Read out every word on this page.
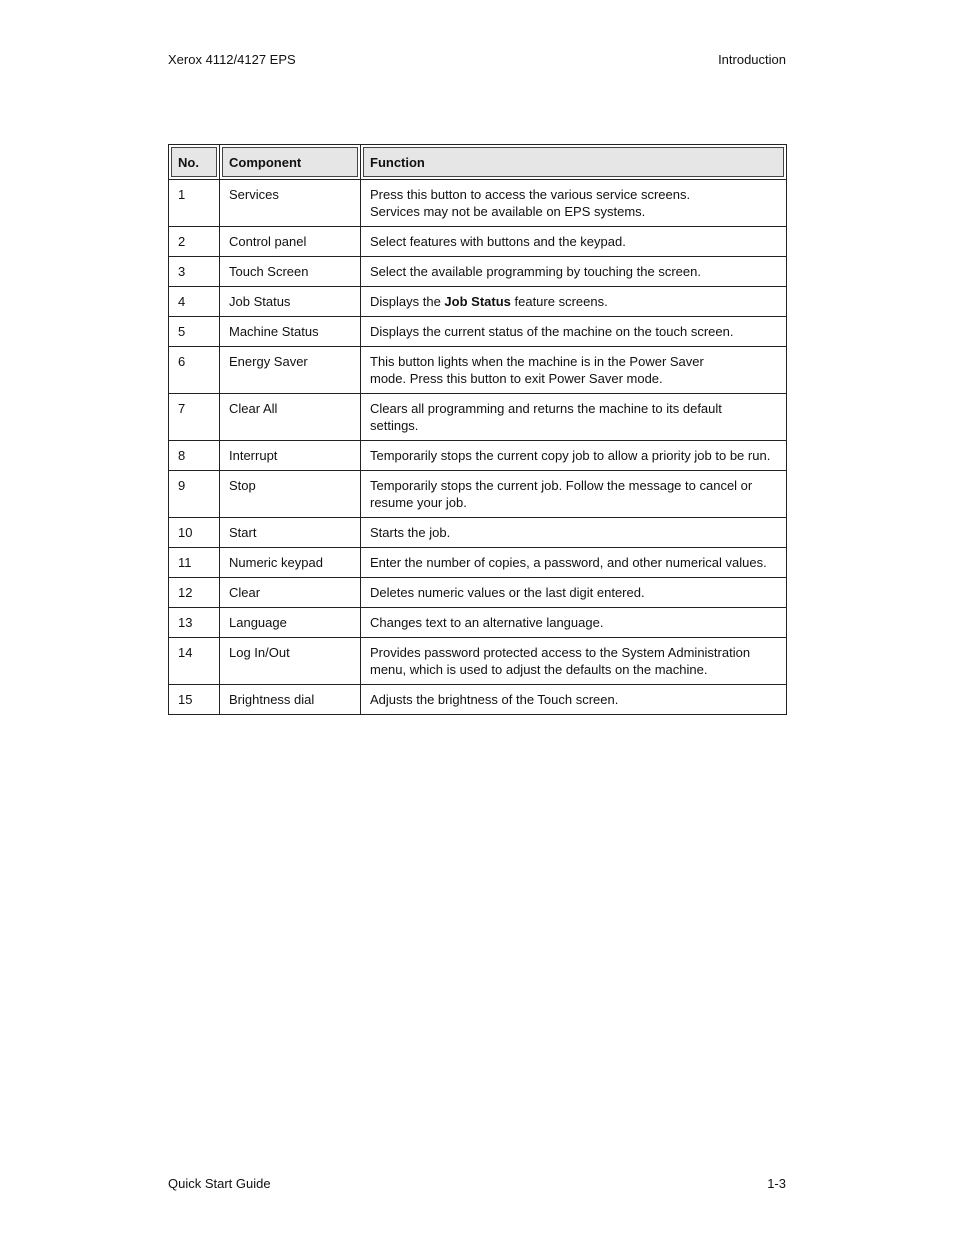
Xerox 4112/4127 EPS	Introduction
No.	Component	Function
1	Services	Press this button to access the various service screens.
Services may not be available on EPS systems.

2	Control panel	Select features with buttons and the keypad.

3	Touch Screen	Select the available programming by touching the screen.

4	Job Status	Displays the Job Status feature screens.
5	Machine Status	Displays the current status of the machine on the touch screen.

6	Energy Saver	This button lights when the machine is in the Power Saver
mode. Press this button to exit Power Saver mode.

7	Clear All	Clears all programming and returns the machine to its default
settings.

8	Interrupt	Temporarily stops the current copy job to allow a priority job to be run.

9	Stop	Temporarily stops the current job. Follow the message to cancel or
resume your job.

10	Start	Starts the job.

11	Numeric keypad	Enter the number of copies, a password, and other numerical values.

12	Clear	Deletes numeric values or the last digit entered.

13	Language	Changes text to an alternative language.

14	Log In/Out	Provides password protected access to the System Administration
menu, which is used to adjust the defaults on the machine.

15	Brightness dial	Adjusts the brightness of the Touch screen.
Quick Start Guide	1-3
